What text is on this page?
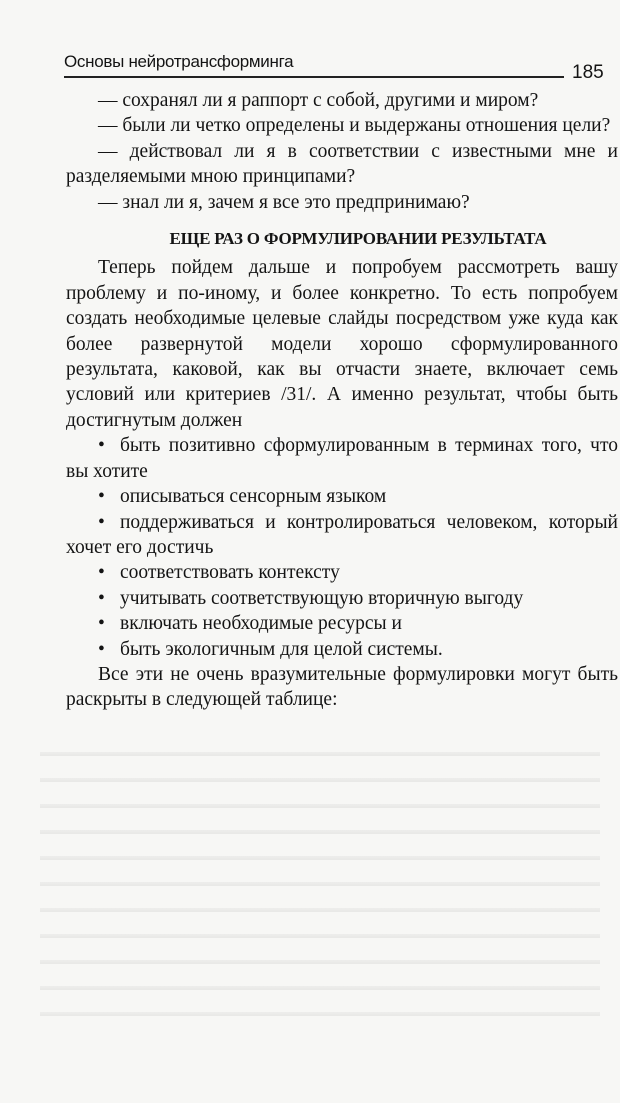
Основы нейротрансформинга
185

— сохранял ли я раппорт с собой, другими и миром?

— были ли четко определены и выдержаны отношения цели?

— действовал ли я в соответствии с известными мне и разделяемыми мною принципами?

— знал ли я, зачем я все это предпринимаю?

ЕЩЕ РАЗ О ФОРМУЛИРОВАНИИ РЕЗУЛЬТАТА

Теперь пойдем дальше и попробуем рассмотреть вашу проблему и по-иному, и более конкретно. То есть попробуем создать необходимые целевые слайды посредством уже куда как более развернутой модели хорошо сформулированного результата, каковой, как вы отчасти знаете, включает семь условий или критериев /31/. А именно результат, чтобы быть достигнутым должен

• быть позитивно сформулированным в терминах того, что вы хотите
• описываться сенсорным языком
• поддерживаться и контролироваться человеком, который хочет его достичь
• соответствовать контексту
• учитывать соответствующую вторичную выгоду
• включать необходимые ресурсы и
• быть экологичным для целой системы.

Все эти не очень вразумительные формулировки могут быть раскрыты в следующей таблице:
